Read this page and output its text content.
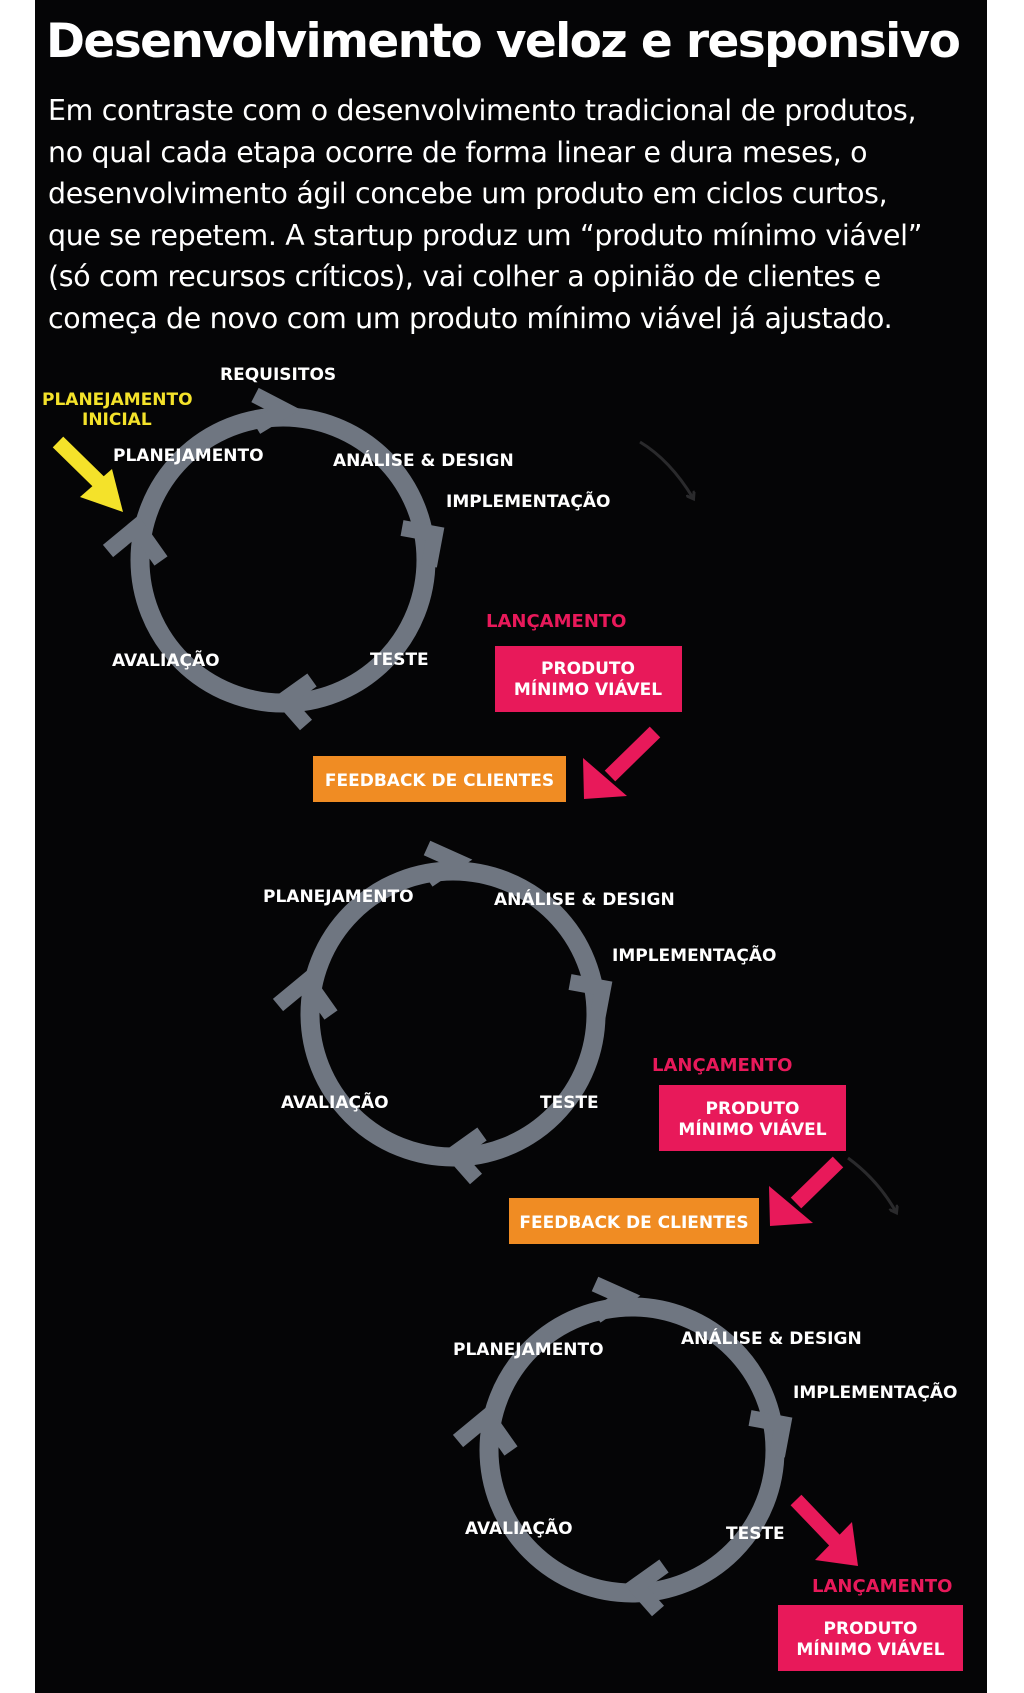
Desenvolvimento veloz e responsivo
Em contraste com o desenvolvimento tradicional de produtos,
no qual cada etapa ocorre de forma linear e dura meses, o
desenvolvimento ágil concebe um produto em ciclos curtos,
que se repetem. A startup produz um “produto mínimo viável”
(só com recursos críticos), vai colher a opinião de clientes e
começa de novo com um produto mínimo viável já ajustado.
PLANEJAMENTO
INICIAL
REQUISITOS
PLANEJAMENTO	ANÁLISE & DESIGN
IMPLEMENTAÇÃO
TESTE
AVALIAÇÃO
LANÇAMENTO
PRODUTO
MÍNIMO VIÁVEL
FEEDBACK DE CLIENTES
PLANEJAMENTO	ANÁLISE & DESIGN
IMPLEMENTAÇÃO
TESTE
AVALIAÇÃO
LANÇAMENTO
PRODUTO
MÍNIMO VIÁVEL
FEEDBACK DE CLIENTES
PLANEJAMENTO
ANÁLISE & DESIGN
IMPLEMENTAÇÃO
TESTE
AVALIAÇÃO
LANÇAMENTO
PRODUTO
MÍNIMO VIÁVEL
